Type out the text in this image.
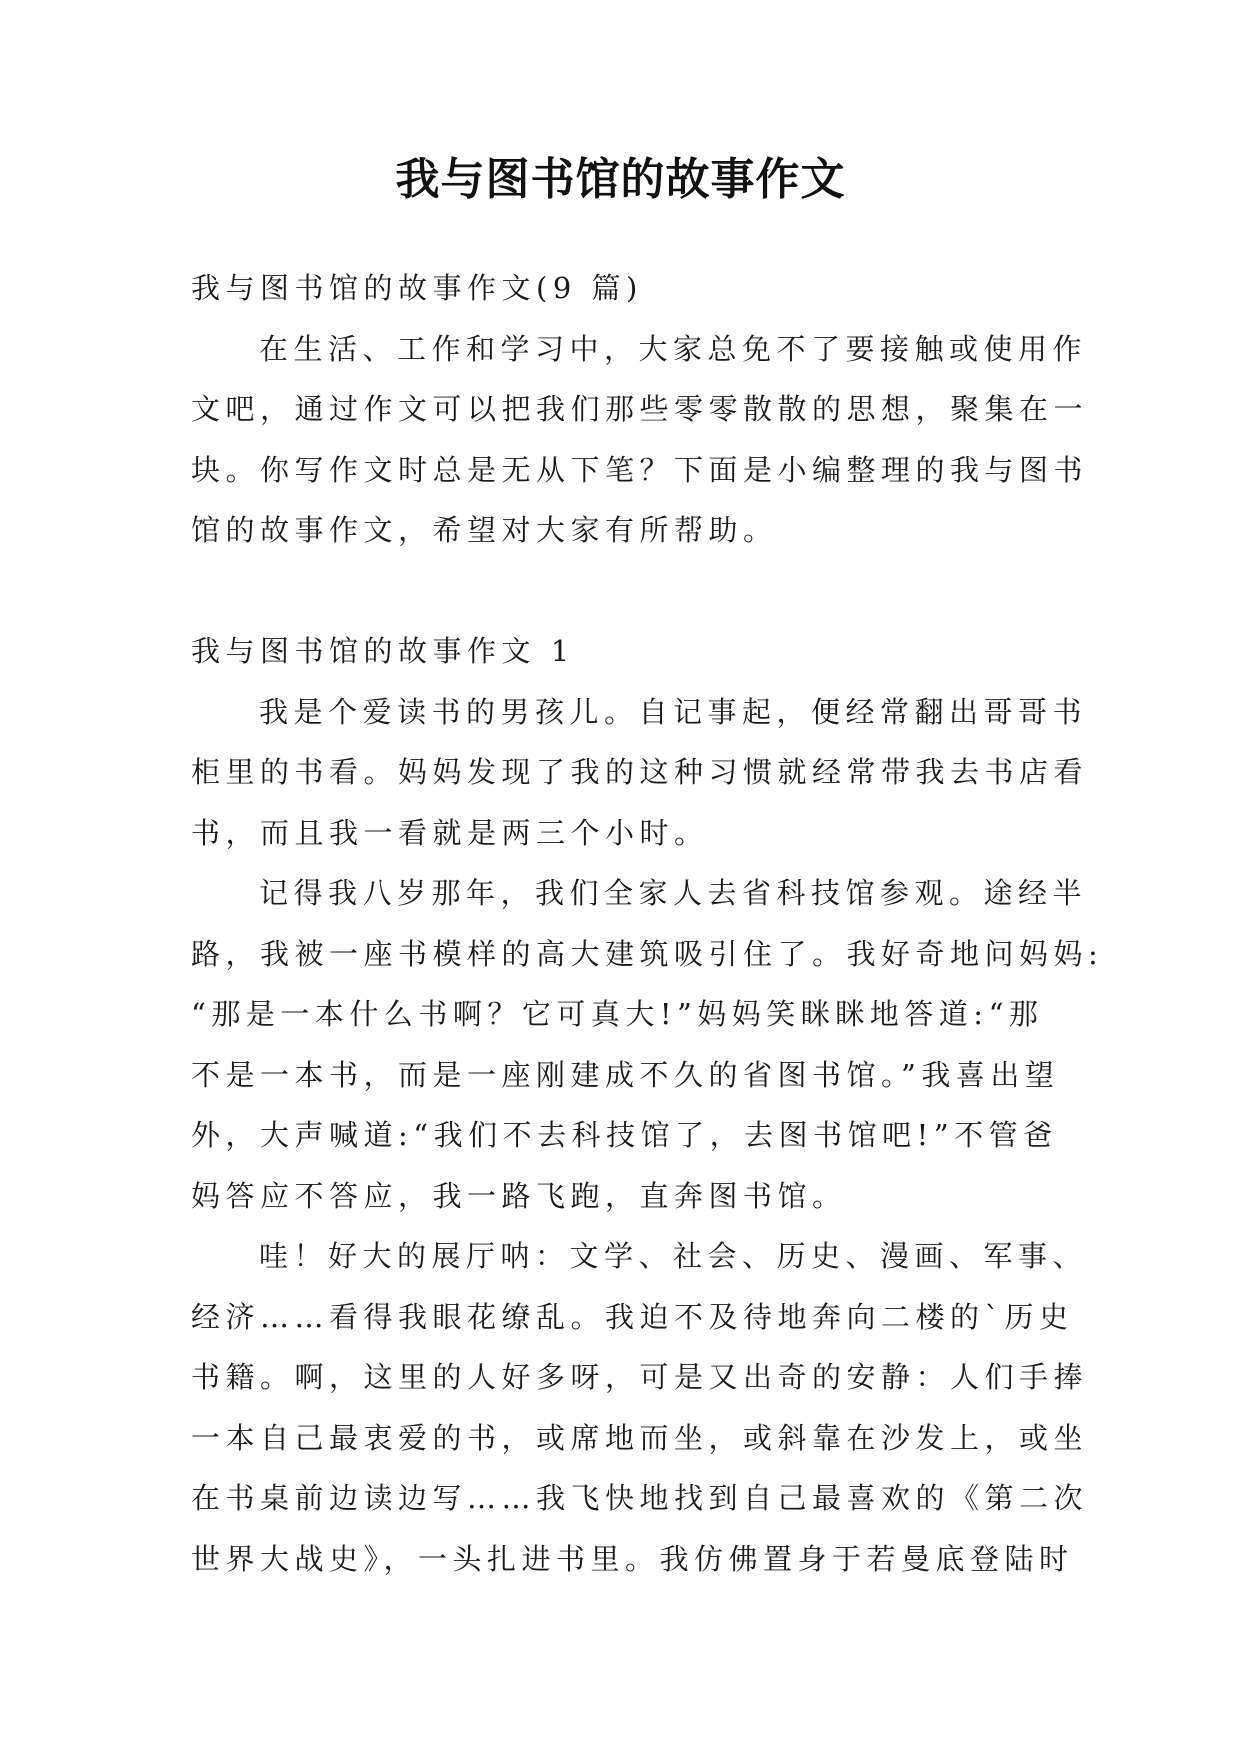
我与图书馆的故事作文
我与图书馆的故事作文(9 篇)
在生活、工作和学习中，大家总免不了要接触或使用作
文吧，通过作文可以把我们那些零零散散的思想，聚集在一
块。你写作文时总是无从下笔？下面是小编整理的我与图书
馆的故事作文，希望对大家有所帮助。
我与图书馆的故事作文 1
我是个爱读书的男孩儿。自记事起，便经常翻出哥哥书
柜里的书看。妈妈发现了我的这种习惯就经常带我去书店看
书，而且我一看就是两三个小时。
记得我八岁那年，我们全家人去省科技馆参观。途经半
路，我被一座书模样的高大建筑吸引住了。我好奇地问妈妈:
“那是一本什么书啊？它可真大!”妈妈笑眯眯地答道:“那
不是一本书，而是一座刚建成不久的省图书馆。”我喜出望
外，大声喊道:“我们不去科技馆了，去图书馆吧!”不管爸
妈答应不答应，我一路飞跑，直奔图书馆。
哇！好大的展厅呐：文学、社会、历史、漫画、军事、
经济……看得我眼花缭乱。我迫不及待地奔向二楼的`历史
书籍。啊，这里的人好多呀，可是又出奇的安静：人们手捧
一本自己最衷爱的书，或席地而坐，或斜靠在沙发上，或坐
在书桌前边读边写……我飞快地找到自己最喜欢的《第二次
世界大战史》，一头扎进书里。我仿佛置身于若曼底登陆时
